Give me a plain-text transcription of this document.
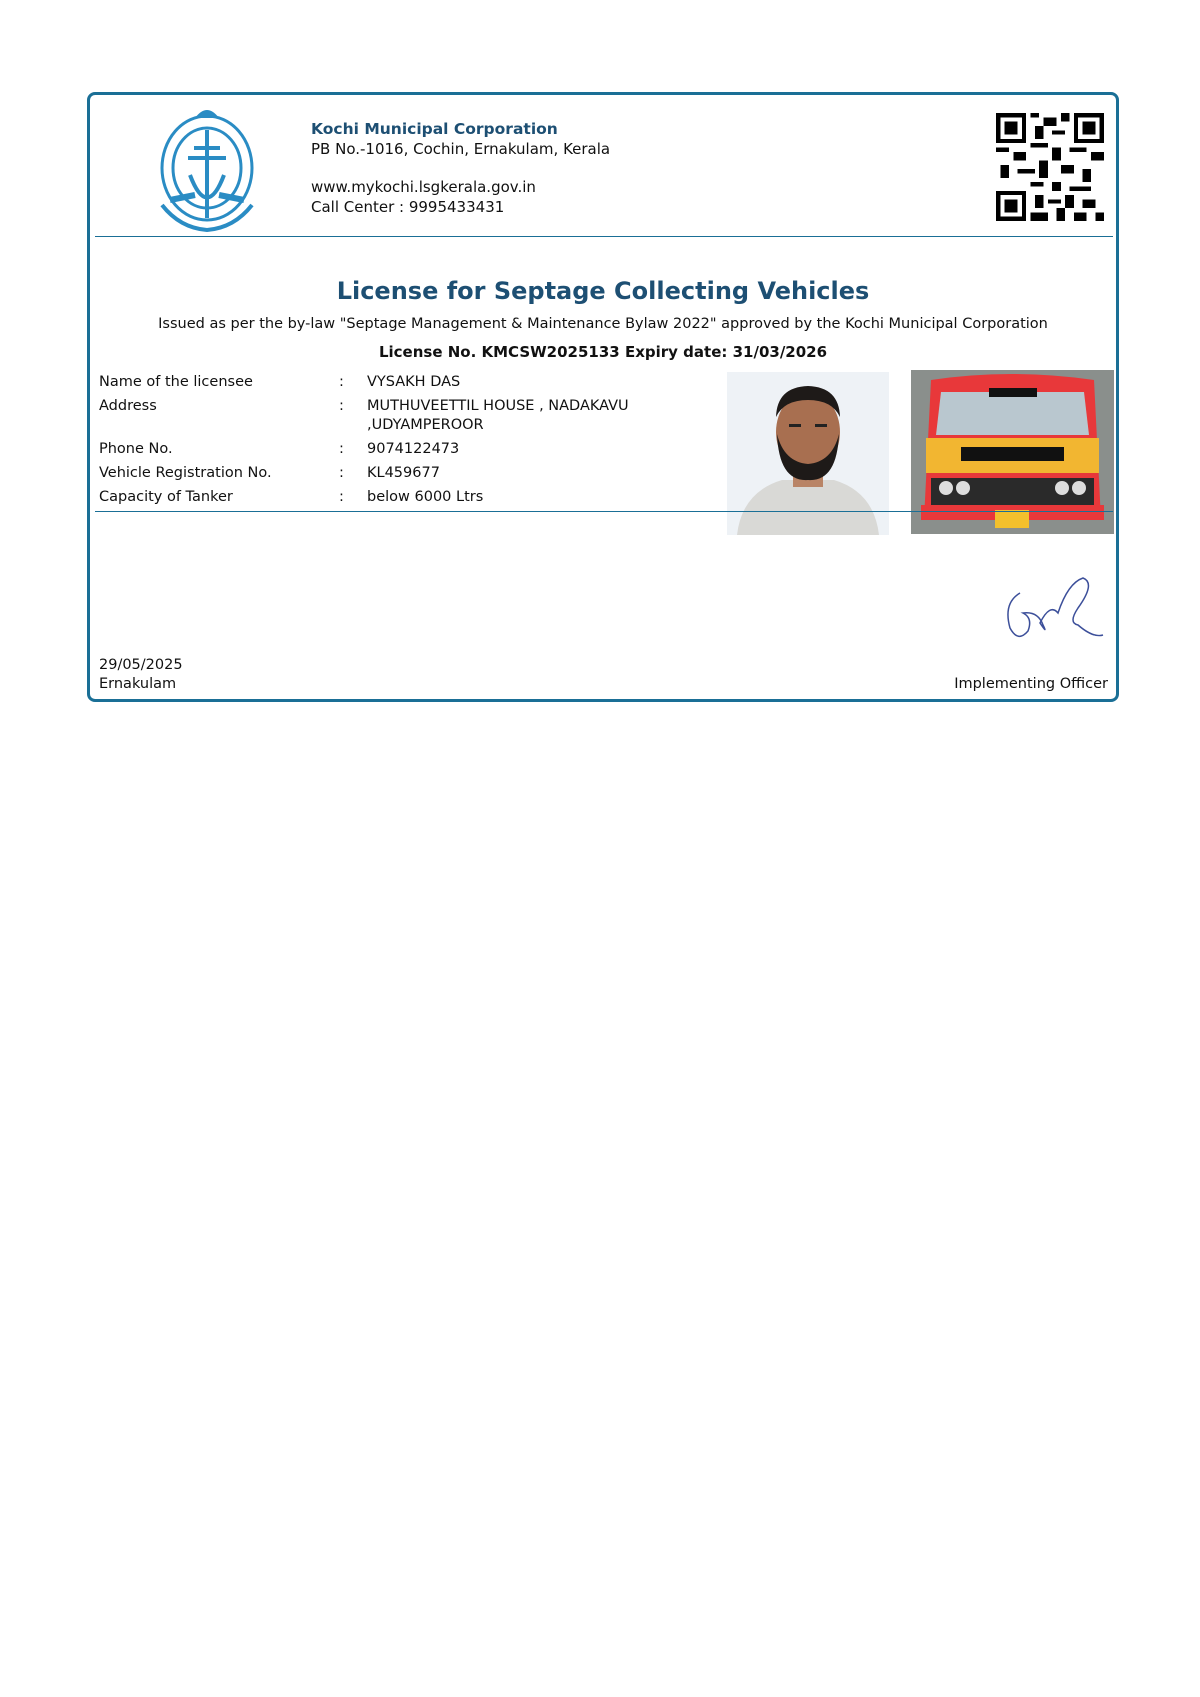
Kochi Municipal Corporation
PB No.-1016, Cochin, Ernakulam, Kerala
www.mykochi.lsgkerala.gov.in
Call Center : 9995433431
License for Septage Collecting Vehicles
Issued as per the by-law "Septage Management & Maintenance Bylaw 2022" approved by the Kochi Municipal Corporation
License No. KMCSW2025133 Expiry date: 31/03/2026
Name of the licensee	:	VYSAKH DAS
Address	:	MUTHUVEETTIL HOUSE , NADAKAVU ,UDYAMPEROOR
Phone No.	:	9074122473
Vehicle Registration No.	:	KL459677
Capacity of Tanker	:	below 6000 Ltrs
29/05/2025
Ernakulam	Implementing Officer
